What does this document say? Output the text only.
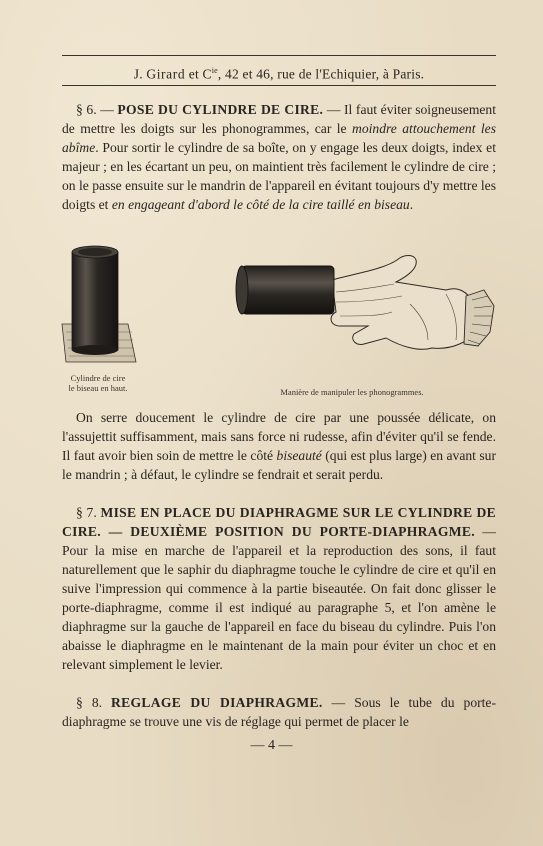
J. Girard et $C^{ie}$, 42 et 46, rue de l'Echiquier, à Paris.

§ 6. — POSE DU CYLINDRE DE CIRE. — Il faut éviter soigneusement de mettre les doigts sur les phonogrammes, car le moindre attouchement les abîme. Pour sortir le cylindre de sa boîte, on y engage les deux doigts, index et majeur ; en les écartant un peu, on maintient très facilement le cylindre de cire ; on le passe ensuite sur le mandrin de l'appareil en évitant toujours d'y mettre les doigts et en engageant d'abord le côté de la cire taillé en biseau.

Cylindre de cire
le biseau en haut.	Manière de manipuler les phonogrammes.

On serre doucement le cylindre de cire par une poussée délicate, on l'assujettit suffisamment, mais sans force ni rudesse, afin d'éviter qu'il se fende. Il faut avoir bien soin de mettre le côté biseauté (qui est plus large) en avant sur le mandrin ; à défaut, le cylindre se fendrait et serait perdu.

§ 7. MISE EN PLACE DU DIAPHRAGME SUR LE CYLINDRE DE CIRE. — DEUXIÈME POSITION DU PORTE-DIAPHRAGME. — Pour la mise en marche de l'appareil et la reproduction des sons, il faut naturellement que le saphir du diaphragme touche le cylindre de cire et qu'il en suive l'impression qui commence à la partie biseautée. On fait donc glisser le porte-diaphragme, comme il est indiqué au paragraphe 5, et l'on amène le diaphragme sur la gauche de l'appareil en face du biseau du cylindre. Puis l'on abaisse le diaphragme en le maintenant de la main pour éviter un choc et en relevant simplement le levier.

§ 8. REGLAGE DU DIAPHRAGME. — Sous le tube du porte-diaphragme se trouve une vis de réglage qui permet de placer le

— 4 —
